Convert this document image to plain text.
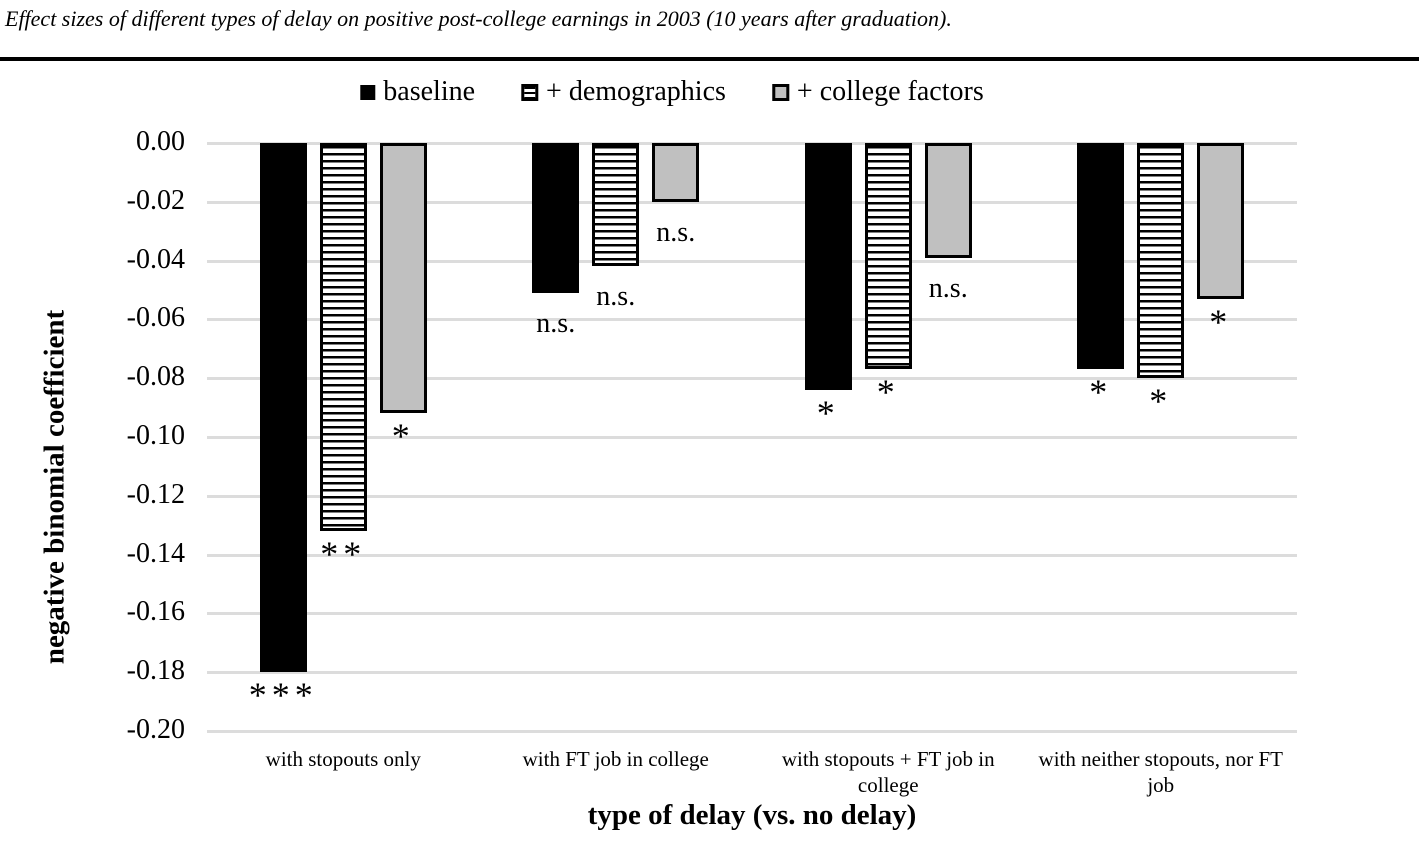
Effect sizes of different types of delay on positive post-college earnings in 2003 (10 years after graduation).
baseline	+ demographics	+ college factors
negative binomial coefficient
type of delay (vs. no delay)
0.00
-0.02
-0.04
-0.06
-0.08
-0.10
-0.12
-0.14
-0.16
-0.18
-0.20
with stopouts only
***
**
*
with FT job in college
n.s.
n.s.
n.s.
with stopouts + FT job in college
*
*
n.s.
with neither stopouts, nor FT job
* *
*
